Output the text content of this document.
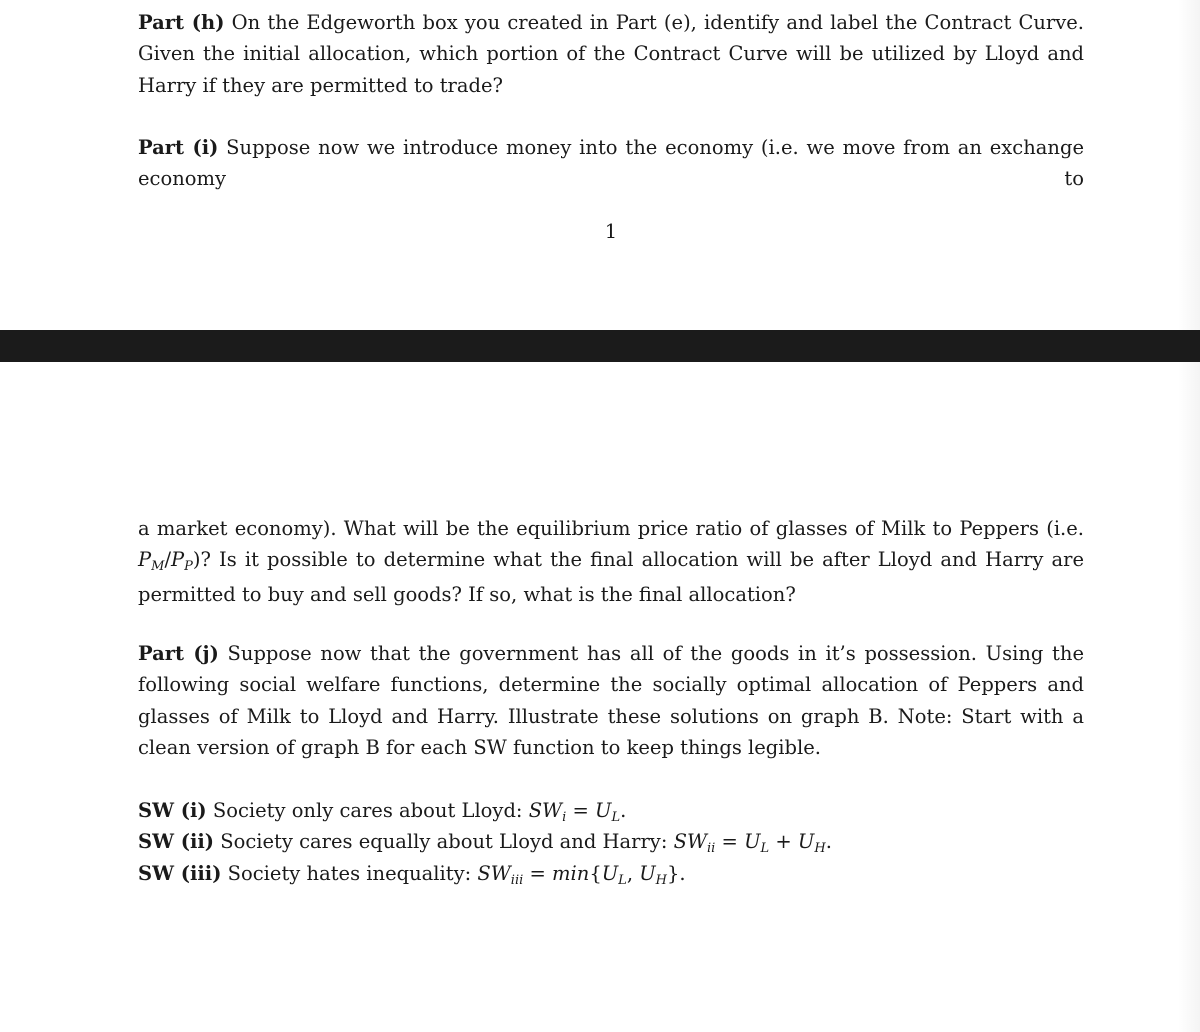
Part (h) On the Edgeworth box you created in Part (e), identify and label the Contract Curve. Given the initial allocation, which portion of the Contract Curve will be utilized by Lloyd and Harry if they are permitted to trade?

Part (i) Suppose now we introduce money into the economy (i.e. we move from an exchange economy to

1

a market economy). What will be the equilibrium price ratio of glasses of Milk to Peppers (i.e. $P_M/P_P$)? Is it possible to determine what the final allocation will be after Lloyd and Harry are permitted to buy and sell goods? If so, what is the final allocation?

Part (j) Suppose now that the government has all of the goods in it’s possession. Using the following social welfare functions, determine the socially optimal allocation of Peppers and glasses of Milk to Lloyd and Harry. Illustrate these solutions on graph B. Note: Start with a clean version of graph B for each SW function to keep things legible.

SW (i) Society only cares about Lloyd: $SW_i = U_L$.

SW (ii) Society cares equally about Lloyd and Harry: $SW_{ii} = U_L + U_H$.

SW (iii) Society hates inequality: $SW_{iii} = \min\{U_L$, $U_H$}.
